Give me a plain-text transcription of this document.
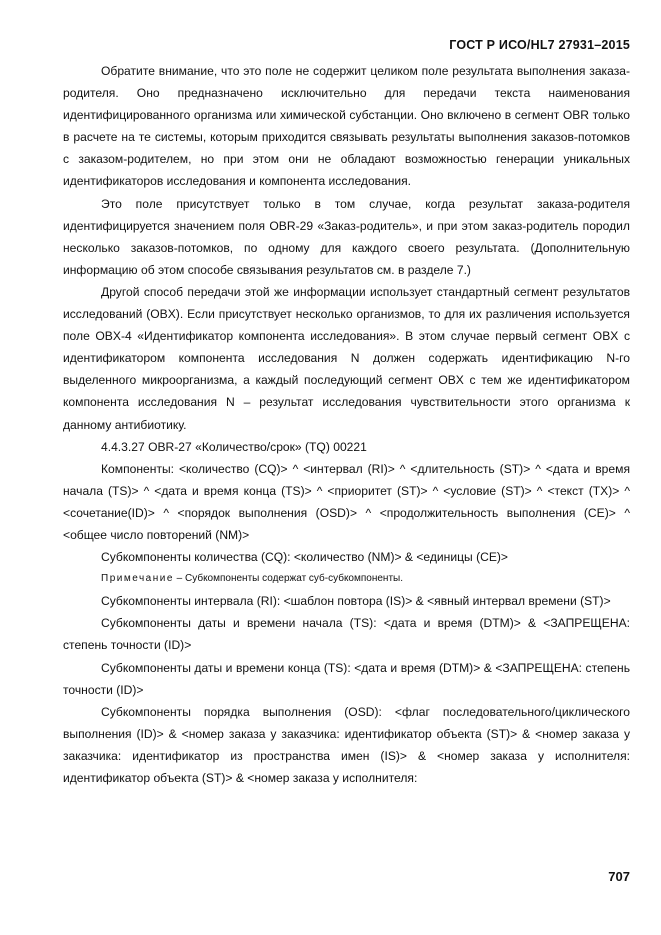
ГОСТ Р ИСО/HL7 27931–2015

Обратите внимание, что это поле не содержит целиком поле результата выполнения заказа-родителя. Оно предназначено исключительно для передачи текста наименования идентифицированного организма или химической субстанции. Оно включено в сегмент OBR только в расчете на те системы, которым приходится связывать результаты выполнения заказов-потомков с заказом-родителем, но при этом они не обладают возможностью генерации уникальных идентификаторов исследования и компонента исследования.

Это поле присутствует только в том случае, когда результат заказа-родителя идентифицируется значением поля OBR-29 «Заказ-родитель», и при этом заказ-родитель породил несколько заказов-потомков, по одному для каждого своего результата. (Дополнительную информацию об этом способе связывания результатов см. в разделе 7.)

Другой способ передачи этой же информации использует стандартный сегмент результатов исследований (OBX). Если присутствует несколько организмов, то для их различения используется поле OBX-4 «Идентификатор компонента исследования». В этом случае первый сегмент OBX с идентификатором компонента исследования N должен содержать идентификацию N-го выделенного микроорганизма, а каждый последующий сегмент OBX с тем же идентификатором компонента исследования N – результат исследования чувствительности этого организма к данному антибиотику.

4.4.3.27 OBR-27 «Количество/срок» (TQ) 00221

Компоненты: <количество (CQ)> ^ <интервал (RI)> ^ <длительность (ST)> ^ <дата и время начала (TS)> ^ <дата и время конца (TS)> ^ <приоритет (ST)> ^ <условие (ST)> ^ <текст (TX)> ^ <сочетание(ID)> ^ <порядок выполнения (OSD)> ^ <продолжительность выполнения (CE)> ^ <общее число повторений (NM)>

Субкомпоненты количества (CQ): <количество (NM)> & <единицы (CE)>

Примечание – Субкомпоненты содержат суб-субкомпоненты.

Субкомпоненты интервала (RI): <шаблон повтора (IS)> & <явный интервал времени (ST)>

Субкомпоненты даты и времени начала (TS): <дата и время (DTM)> & <ЗАПРЕЩЕНА: степень точности (ID)>

Субкомпоненты даты и времени конца (TS): <дата и время (DTM)> & <ЗАПРЕЩЕНА: степень точности (ID)>

Субкомпоненты порядка выполнения (OSD): <флаг последовательного/циклического выполнения (ID)> & <номер заказа у заказчика: идентификатор объекта (ST)> & <номер заказа у заказчика: идентификатор из пространства имен (IS)> & <номер заказа у исполнителя: идентификатор объекта (ST)> & <номер заказа у исполнителя:

707
